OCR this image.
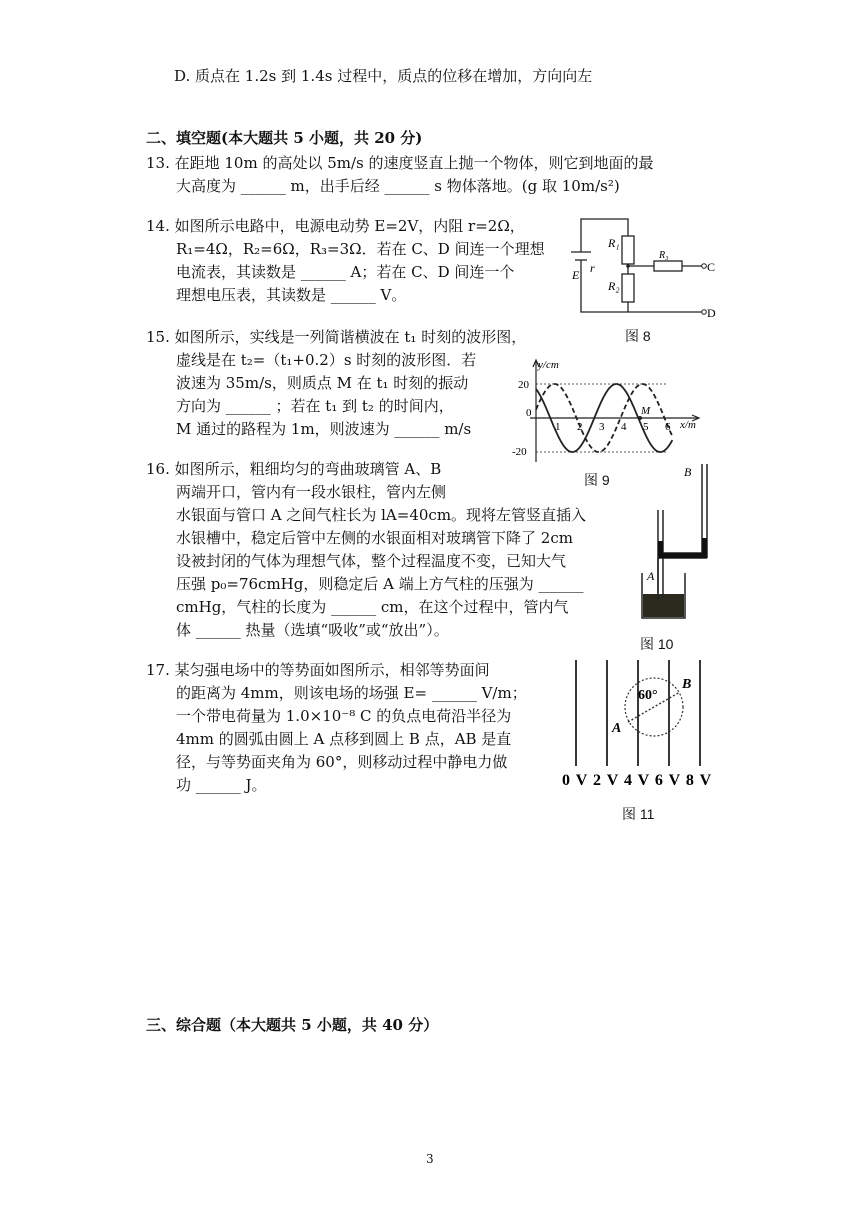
D. 质点在 1.2s 到 1.4s 过程中，质点的位移在增加，方向向左
二、填空题(本大题共 5 小题，共 20 分)
13. 在距地 10m 的高处以 5m/s 的速度竖直上抛一个物体，则它到地面的最
大高度为 ______ m，出手后经 ______ s 物体落地。(g 取 10m/s²)
14. 如图所示电路中，电源电动势 E=2V，内阻 r=2Ω，
R₁=4Ω，R₂=6Ω，R₃=3Ω．若在 C、D 间连一个理想
电流表，其读数是 ______ A；若在 C、D 间连一个
理想电压表，其读数是 ______ V。
R₁
R₂
R₃
E r	C
D
图 8
15. 如图所示，实线是一列简谐横波在 t₁ 时刻的波形图，
虚线是在 t₂=（t₁+0.2）s 时刻的波形图．若
波速为 35m/s，则质点 M 在 t₁ 时刻的振动
方向为 ______ ；若在 t₁ 到 t₂ 的时间内，
M 通过的路程为 1m，则波速为 ______ m/s
y/cm
x/m
20
-20
0	M
1 2 3 4 5 6
图 9
16. 如图所示，粗细均匀的弯曲玻璃管 A、B
两端开口，管内有一段水银柱，管内左侧
水银面与管口 A 之间气柱长为 lA=40cm。现将左管竖直插入
水银槽中，稳定后管中左侧的水银面相对玻璃管下降了 2cm
设被封闭的气体为理想气体，整个过程温度不变，已知大气
压强 p₀=76cmHg，则稳定后 A 端上方气柱的压强为 ______
cmHg，气柱的长度为 ______ cm，在这个过程中，管内气
体 ______ 热量（选填“吸收”或“放出”）。
A
B
图 10
17. 某匀强电场中的等势面如图所示，相邻等势面间
的距离为 4mm，则该电场的场强 E= ______ V/m；
一个带电荷量为 1.0×10⁻⁸ C 的负点电荷沿半径为
4mm 的圆弧由圆上 A 点移到圆上 B 点，AB 是直
径，与等势面夹角为 60°，则移动过程中静电力做
功 ______ J。
60°
A
B
0 V 2 V 4 V 6 V 8 V
图 11
三、综合题（本大题共 5 小题，共 40 分）
3
